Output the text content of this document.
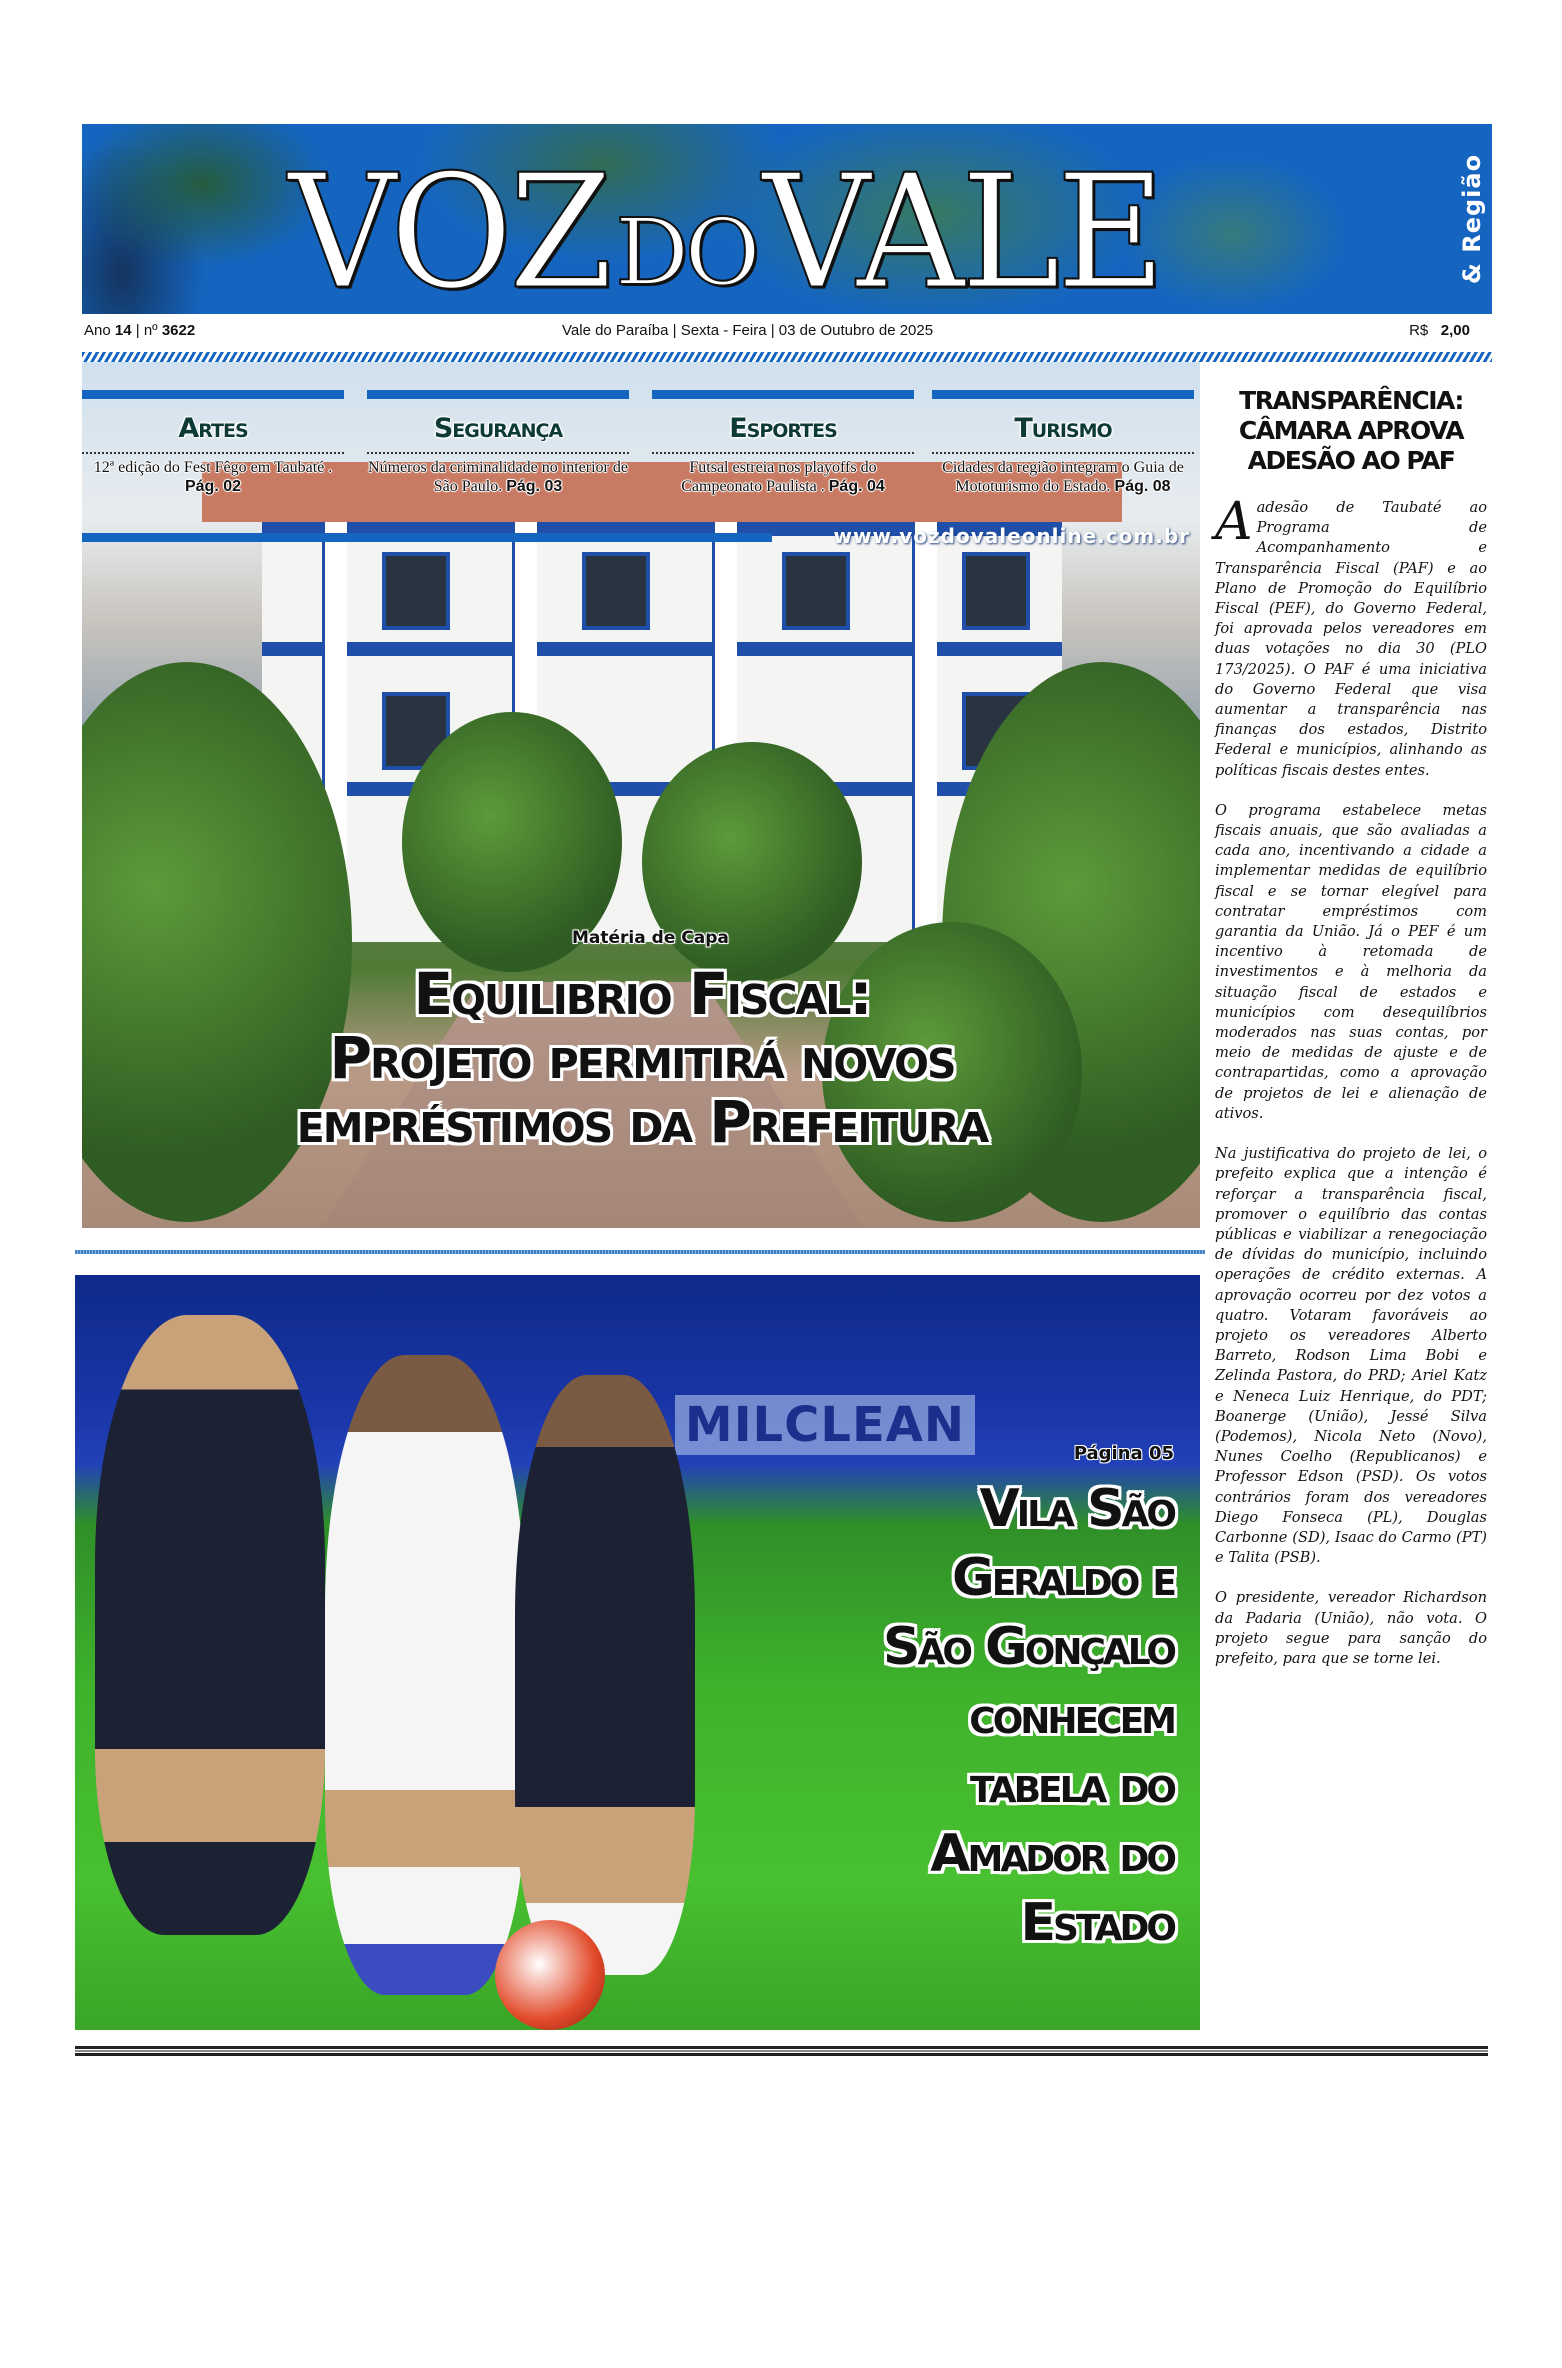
VOZ DO VALE	& Região
Ano 14 | nº 3622	Vale do Paraíba | Sexta - Feira | 03 de Outubro de 2025	R$ 2,00
Artes
12ª edição do Fest Fêgo em Taubaté . Pág. 02
Segurança
Números da criminalidade no interior de São Paulo. Pág. 03
Esportes
Futsal estreia nos playoffs do Campeonato Paulista . Pág. 04
Turismo
Cidades da região integram o Guia de Mototurismo do Estado. Pág. 08
www.vozdovaleonline.com.br
Matéria de Capa
Equilibrio Fiscal:
Projeto permitirá novos
empréstimos da Prefeitura
TRANSPARÊNCIA: CÂMARA APROVA ADESÃO AO PAF

Aadesão de Taubaté ao Programa de Acompanhamento e Transparência Fiscal (PAF) e ao Plano de Promoção do Equilíbrio Fiscal (PEF), do Governo Federal, foi aprovada pelos vereadores em duas votações no dia 30 (PLO 173/2025). O PAF é uma iniciativa do Governo Federal que visa aumentar a transparência nas finanças dos estados, Distrito Federal e municípios, alinhando as políticas fiscais destes entes.

O programa estabelece metas fiscais anuais, que são avaliadas a cada ano, incentivando a cidade a implementar medidas de equilíbrio fiscal e se tornar elegível para contratar empréstimos com garantia da União. Já o PEF é um incentivo à retomada de investimentos e à melhoria da situação fiscal de estados e municípios com desequilíbrios moderados nas suas contas, por meio de medidas de ajuste e de contrapartidas, como a aprovação de projetos de lei e alienação de ativos.

Na justificativa do projeto de lei, o prefeito explica que a intenção é reforçar a transparência fiscal, promover o equilíbrio das contas públicas e viabilizar a renegociação de dívidas do município, incluindo operações de crédito externas. A aprovação ocorreu por dez votos a quatro. Votaram favoráveis ao projeto os vereadores Alberto Barreto, Rodson Lima Bobi e Zelinda Pastora, do PRD; Ariel Katz e Neneca Luiz Henrique, do PDT; Boanerge (União), Jessé Silva (Podemos), Nicola Neto (Novo), Nunes Coelho (Republicanos) e Professor Edson (PSD). Os votos contrários foram dos vereadores Diego Fonseca (PL), Douglas Carbonne (SD), Isaac do Carmo (PT) e Talita (PSB).

O presidente, vereador Richardson da Padaria (União), não vota. O projeto segue para sanção do prefeito, para que se torne lei.

MILCLEAN
Página 05
Vila São
Geraldo e
São Gonçalo
conhecem
tabela do
Amador do
Estado
